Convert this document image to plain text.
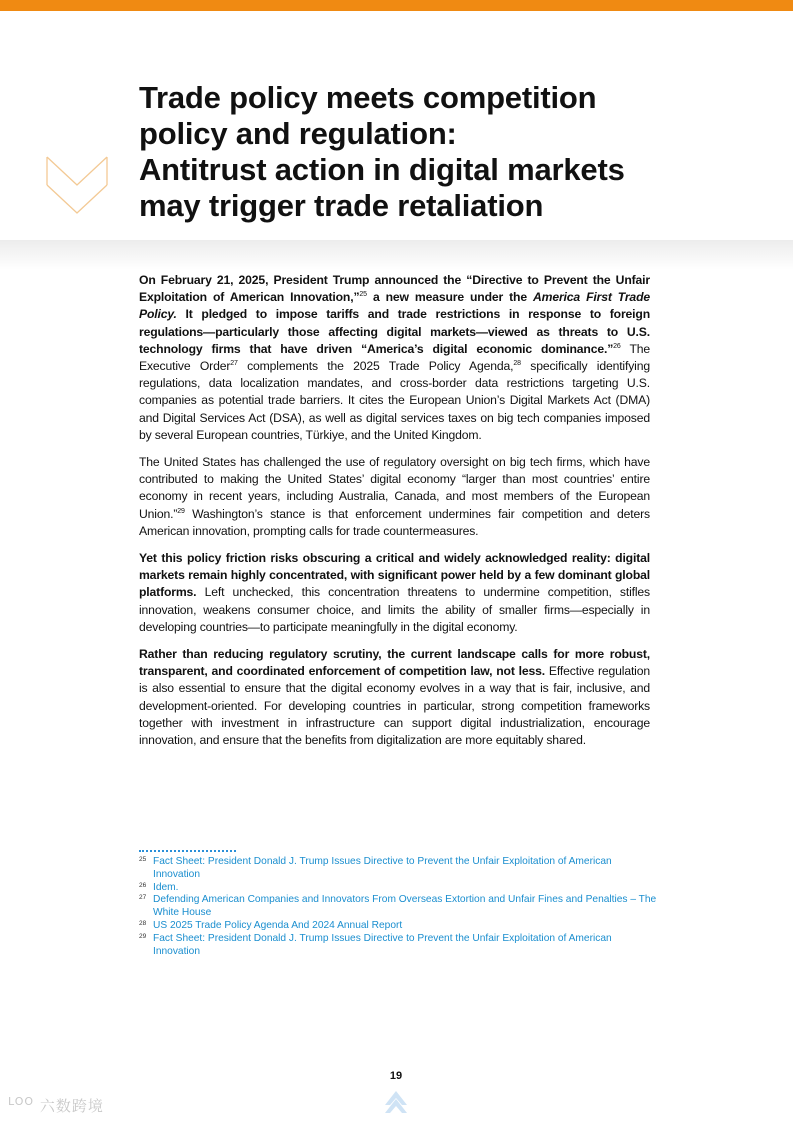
Trade policy meets competition
policy and regulation:
Antitrust action in digital markets
may trigger trade retaliation

On February 21, 2025, President Trump announced the “Directive to Prevent the Unfair Exploitation of American Innovation,”$^{25}$ a new measure under the America First Trade Policy. It pledged to impose tariffs and trade restrictions in response to foreign regulations—particularly those affecting digital markets—viewed as threats to U.S. technology firms that have driven “America’s digital economic dominance.”$^{26}$ The Executive Order$^{27}$ complements the 2025 Trade Policy Agenda,$^{28}$ specifically identifying regulations, data localization mandates, and cross-border data restrictions targeting U.S. companies as potential trade barriers. It cites the European Union’s Digital Markets Act (DMA) and Digital Services Act (DSA), as well as digital services taxes on big tech companies imposed by several European countries, Türkiye, and the United Kingdom.

The United States has challenged the use of regulatory oversight on big tech firms, which have contributed to making the United States’ digital economy “larger than most countries’ entire economy in recent years, including Australia, Canada, and most members of the European Union.”$^{29}$ Washington’s stance is that enforcement undermines fair competition and deters American innovation, prompting calls for trade countermeasures.

Yet this policy friction risks obscuring a critical and widely acknowledged reality: digital markets remain highly concentrated, with significant power held by a few dominant global platforms. Left unchecked, this concentration threatens to undermine competition, stifles innovation, weakens consumer choice, and limits the ability of smaller firms—especially in developing countries—to participate meaningfully in the digital economy.

Rather than reducing regulatory scrutiny, the current landscape calls for more robust, transparent, and coordinated enforcement of competition law, not less. Effective regulation is also essential to ensure that the digital economy evolves in a way that is fair, inclusive, and development-oriented. For developing countries in particular, strong competition frameworks together with investment in infrastructure can support digital industrialization, encourage innovation, and ensure that the benefits from digitalization are more equitably shared.

25 Fact Sheet: President Donald J. Trump Issues Directive to Prevent the Unfair Exploitation of American Innovation
26 Idem.
27 Defending American Companies and Innovators From Overseas Extortion and Unfair Fines and Penalties – The White House
28 US 2025 Trade Policy Agenda And 2024 Annual Report
29 Fact Sheet: President Donald J. Trump Issues Directive to Prevent the Unfair Exploitation of American Innovation
19
$^{LOO}$ 六数跨境
